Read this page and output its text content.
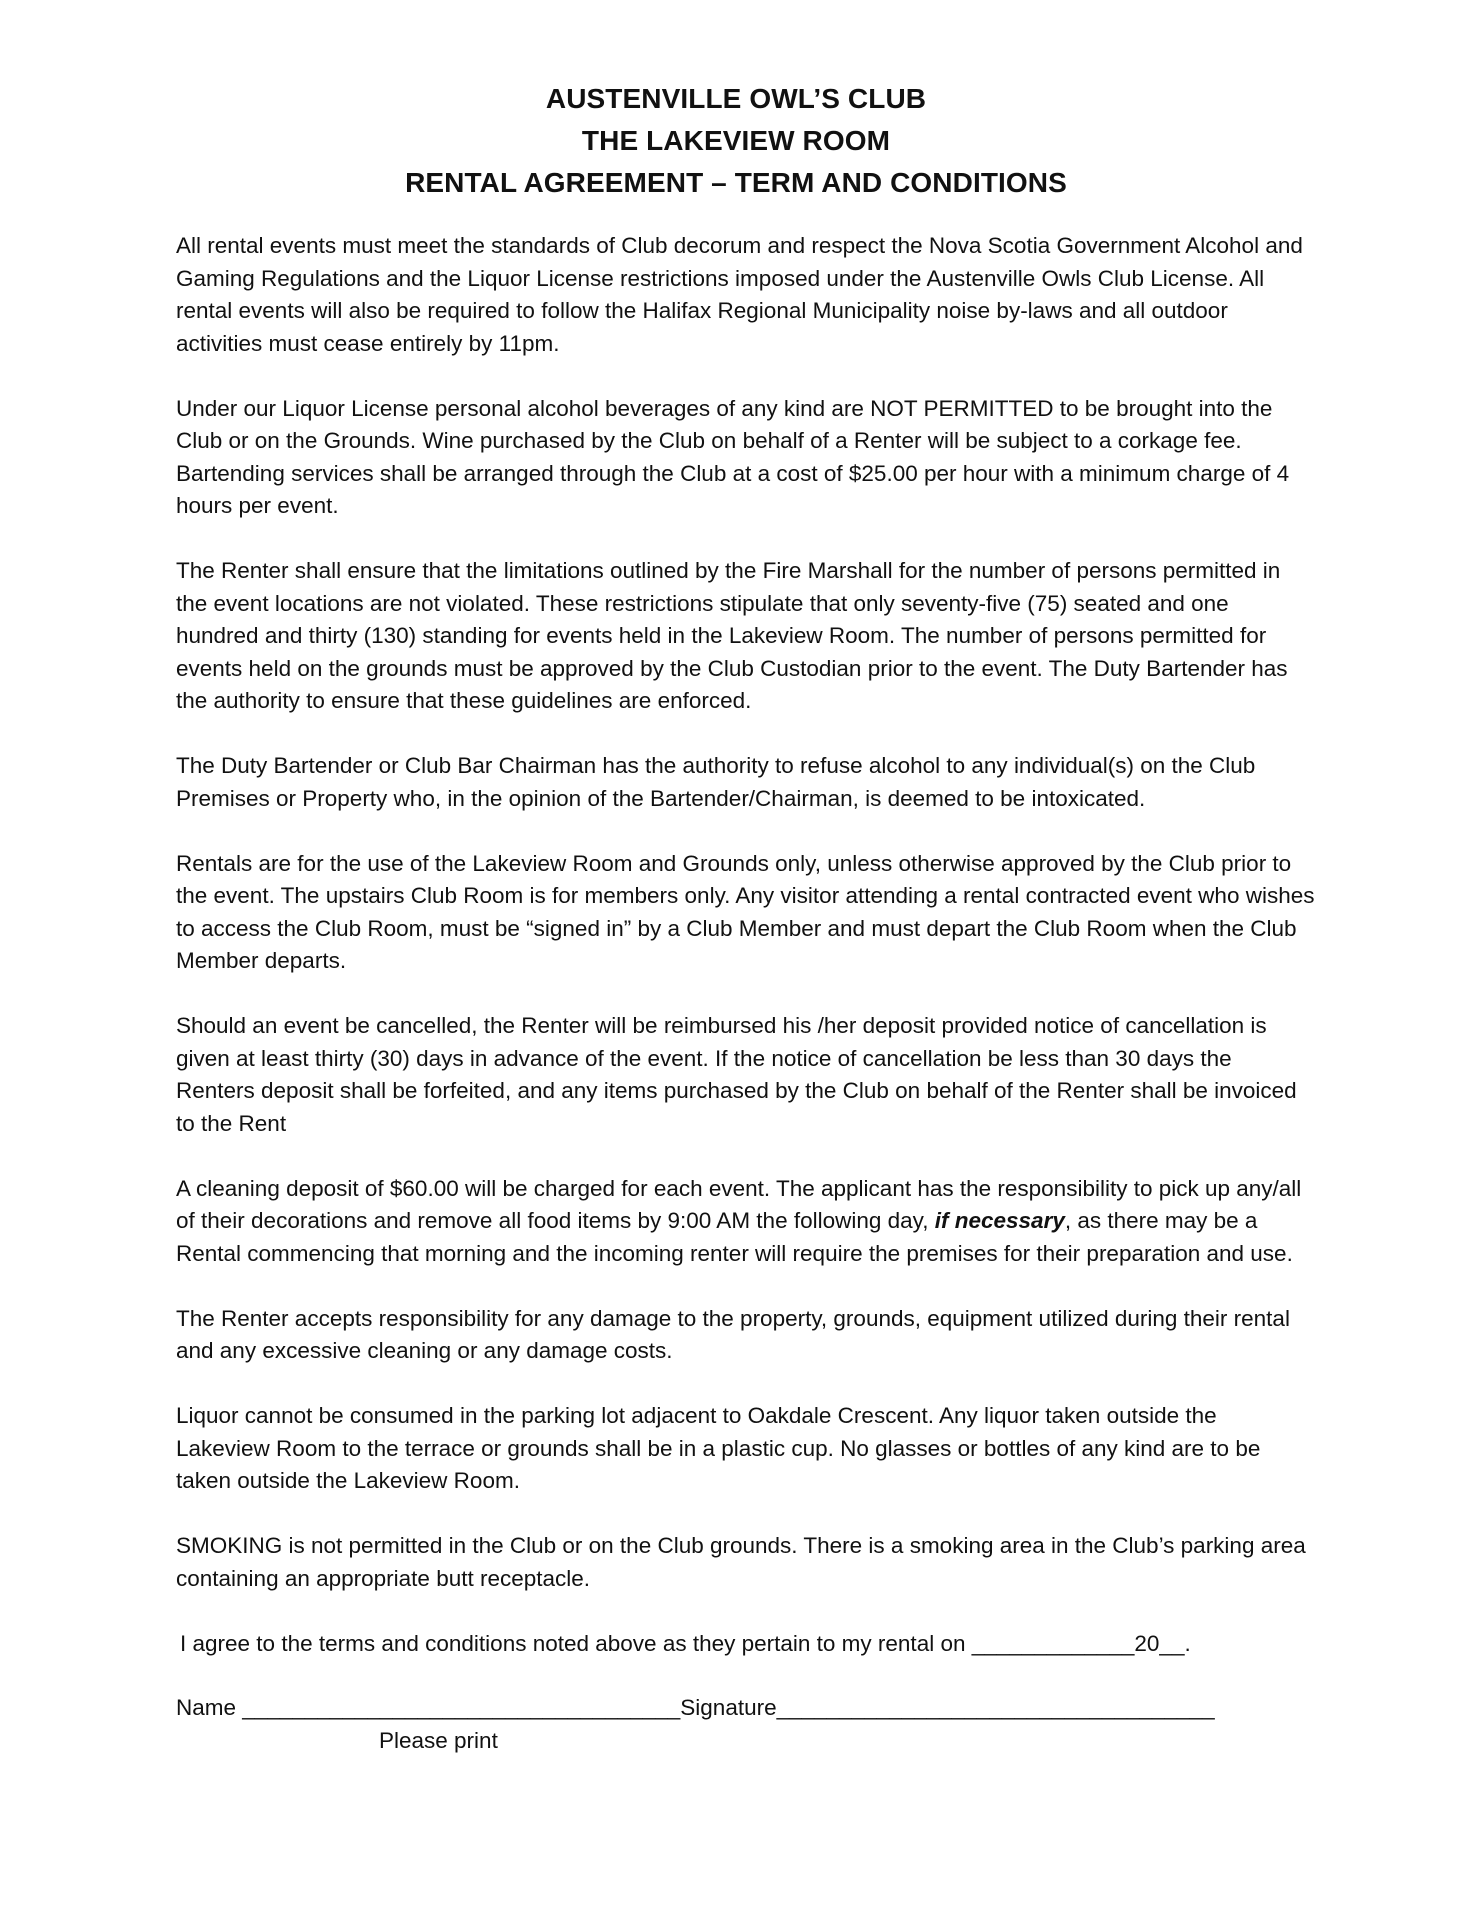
AUSTENVILLE OWL’S CLUB
THE LAKEVIEW ROOM
RENTAL AGREEMENT – TERM AND CONDITIONS

All rental events must meet the standards of Club decorum and respect the Nova Scotia Government Alcohol and Gaming Regulations and the Liquor License restrictions imposed under the Austenville Owls Club License. All rental events will also be required to follow the Halifax Regional Municipality noise by-laws and all outdoor activities must cease entirely by 11pm.

Under our Liquor License personal alcohol beverages of any kind are NOT PERMITTED to be brought into the Club or on the Grounds. Wine purchased by the Club on behalf of a Renter will be subject to a corkage fee. Bartending services shall be arranged through the Club at a cost of $25.00 per hour with a minimum charge of 4 hours per event.

The Renter shall ensure that the limitations outlined by the Fire Marshall for the number of persons permitted in the event locations are not violated. These restrictions stipulate that only seventy-five (75) seated and one hundred and thirty (130) standing for events held in the Lakeview Room. The number of persons permitted for events held on the grounds must be approved by the Club Custodian prior to the event. The Duty Bartender has the authority to ensure that these guidelines are enforced.

The Duty Bartender or Club Bar Chairman has the authority to refuse alcohol to any individual(s) on the Club Premises or Property who, in the opinion of the Bartender/Chairman, is deemed to be intoxicated.

Rentals are for the use of the Lakeview Room and Grounds only, unless otherwise approved by the Club prior to the event. The upstairs Club Room is for members only. Any visitor attending a rental contracted event who wishes to access the Club Room, must be “signed in” by a Club Member and must depart the Club Room when the Club Member departs.

Should an event be cancelled, the Renter will be reimbursed his /her deposit provided notice of cancellation is given at least thirty (30) days in advance of the event. If the notice of cancellation be less than 30 days the Renters deposit shall be forfeited, and any items purchased by the Club on behalf of the Renter shall be invoiced to the Rent

A cleaning deposit of $60.00 will be charged for each event. The applicant has the responsibility to pick up any/all of their decorations and remove all food items by 9:00 AM the following day, if necessary, as there may be a Rental commencing that morning and the incoming renter will require the premises for their preparation and use.

The Renter accepts responsibility for any damage to the property, grounds, equipment utilized during their rental and any excessive cleaning or any damage costs.

Liquor cannot be consumed in the parking lot adjacent to Oakdale Crescent. Any liquor taken outside the Lakeview Room to the terrace or grounds shall be in a plastic cup. No glasses or bottles of any kind are to be taken outside the Lakeview Room.

SMOKING is not permitted in the Club or on the Club grounds. There is a smoking area in the Club’s parking area containing an appropriate butt receptacle.

I agree to the terms and conditions noted above as they pertain to my rental on _____________20__.

Name ___________________________________Signature___________________________________
Please print
